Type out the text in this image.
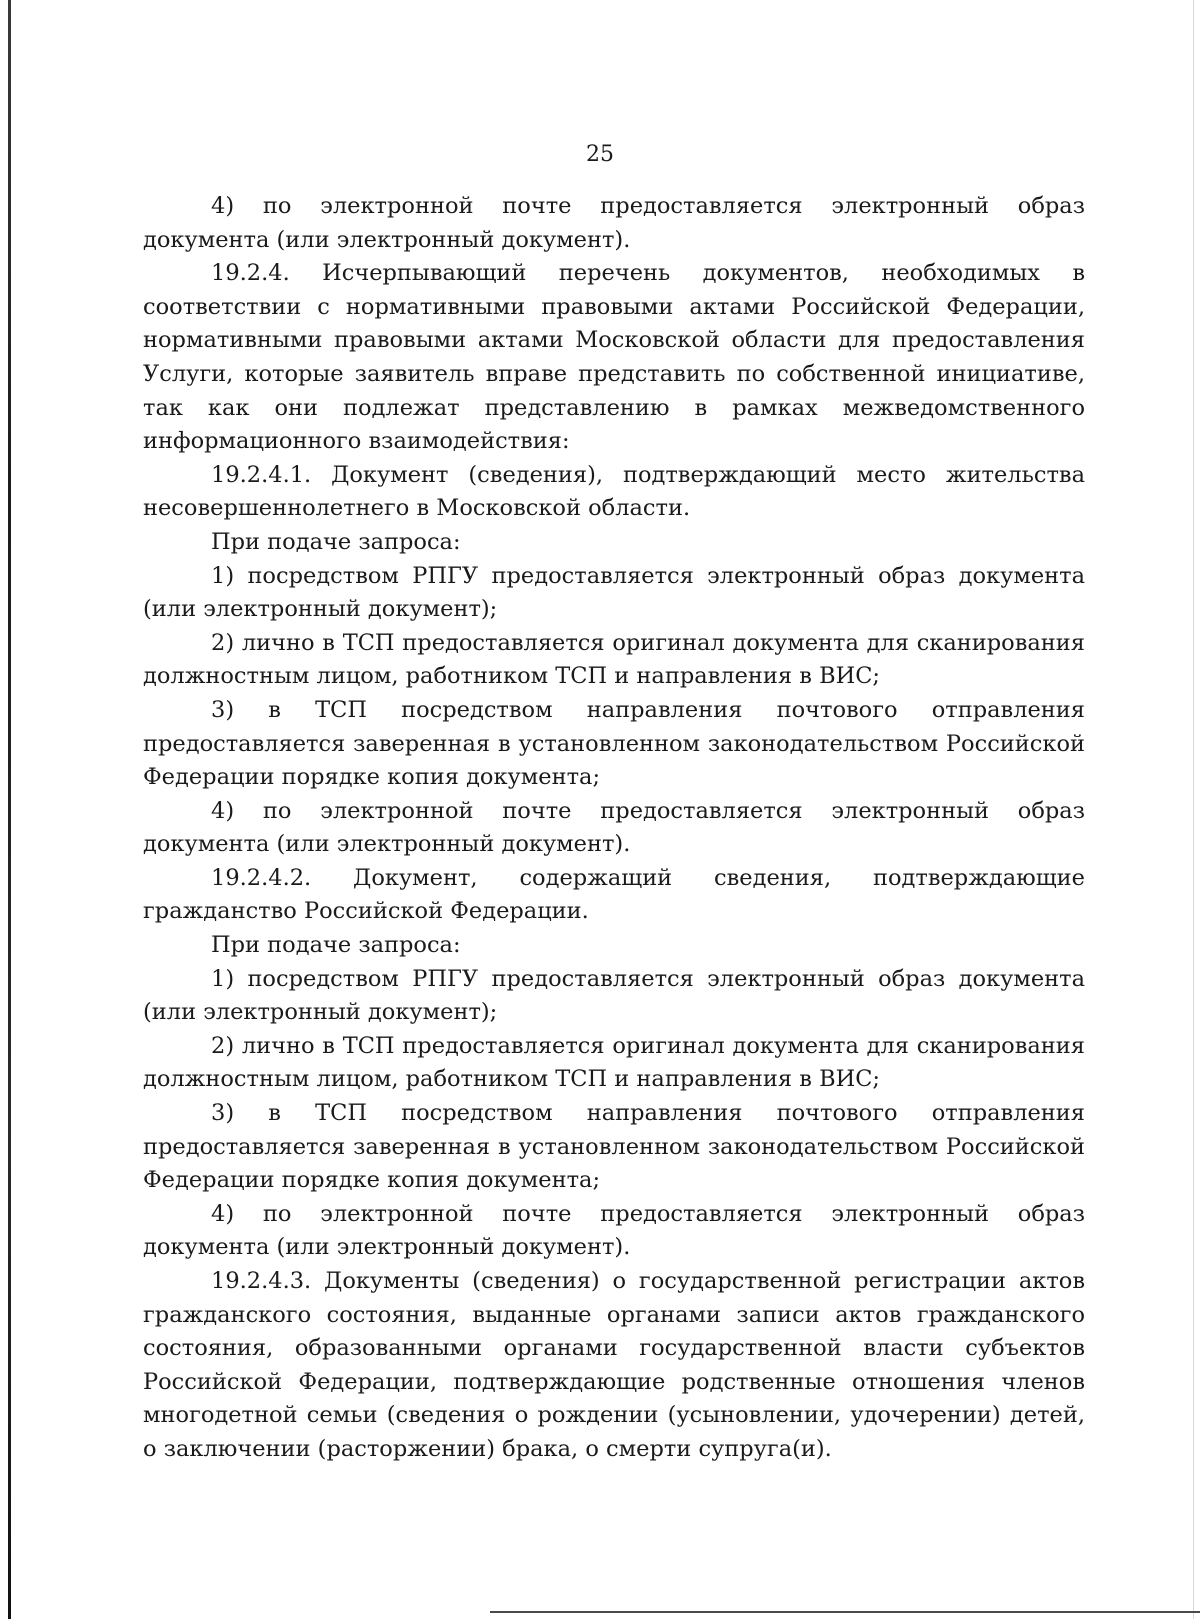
25

4) по электронной почте предоставляется электронный образ документа (или электронный документ).

19.2.4. Исчерпывающий перечень документов, необходимых в соответствии с нормативными правовыми актами Российской Федерации, нормативными правовыми актами Московской области для предоставления Услуги, которые заявитель вправе представить по собственной инициативе, так как они подлежат представлению в рамках межведомственного информационного взаимодействия:

19.2.4.1. Документ (сведения), подтверждающий место жительства несовершеннолетнего в Московской области.

При подаче запроса:

1) посредством РПГУ предоставляется электронный образ документа (или электронный документ);

2) лично в ТСП предоставляется оригинал документа для сканирования должностным лицом, работником ТСП и направления в ВИС;

3) в ТСП посредством направления почтового отправления предоставляется заверенная в установленном законодательством Российской Федерации порядке копия документа;

4) по электронной почте предоставляется электронный образ документа (или электронный документ).

19.2.4.2. Документ, содержащий сведения, подтверждающие гражданство Российской Федерации.

При подаче запроса:

1) посредством РПГУ предоставляется электронный образ документа (или электронный документ);

2) лично в ТСП предоставляется оригинал документа для сканирования должностным лицом, работником ТСП и направления в ВИС;

3) в ТСП посредством направления почтового отправления предоставляется заверенная в установленном законодательством Российской Федерации порядке копия документа;

4) по электронной почте предоставляется электронный образ документа (или электронный документ).

19.2.4.3. Документы (сведения) о государственной регистрации актов гражданского состояния, выданные органами записи актов гражданского состояния, образованными органами государственной власти субъектов Российской Федерации, подтверждающие родственные отношения членов многодетной семьи (сведения о рождении (усыновлении, удочерении) детей, о заключении (расторжении) брака, о смерти супруга(и).
